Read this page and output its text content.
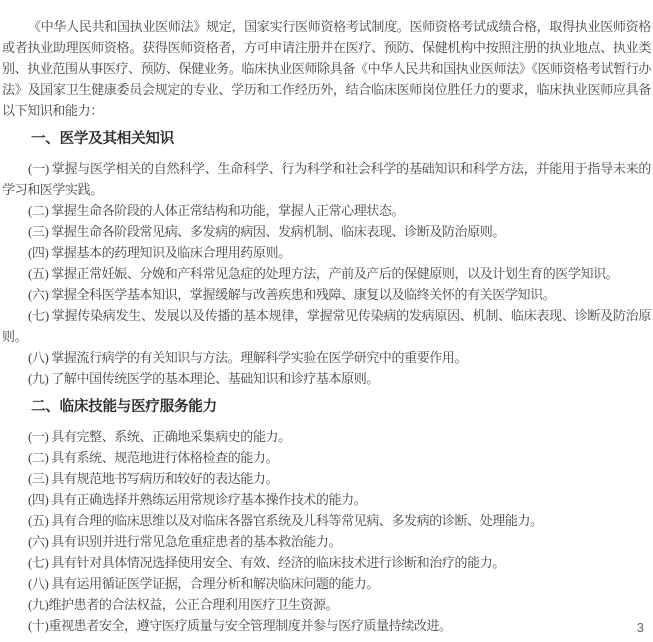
《中华人民共和国执业医师法》规定，国家实行医师资格考试制度。医师资格考试成绩合格，取得执业医师资格或者执业助理医师资格。获得医师资格者，方可申请注册并在医疗、预防、保健机构中按照注册的执业地点、执业类别、执业范围从事医疗、预防、保健业务。临床执业医师除具备《中华人民共和国执业医师法》《医师资格考试暂行办法》及国家卫生健康委员会规定的专业、学历和工作经历外，结合临床医师岗位胜任力的要求，临床执业医师应具备以下知识和能力：

一、医学及其相关知识

(一) 掌握与医学相关的自然科学、生命科学、行为科学和社会科学的基础知识和科学方法，并能用于指导未来的学习和医学实践。

(二) 掌握生命各阶段的人体正常结构和功能，掌握人正常心理状态。

(三) 掌握生命各阶段常见病、多发病的病因、发病机制、临床表现、诊断及防治原则。

(四) 掌握基本的药理知识及临床合理用药原则。

(五) 掌握正常妊娠、分娩和产科常见急症的处理方法，产前及产后的保健原则，以及计划生育的医学知识。

(六) 掌握全科医学基本知识，掌握缓解与改善疾患和残障、康复以及临终关怀的有关医学知识。

(七) 掌握传染病发生、发展以及传播的基本规律，掌握常见传染病的发病原因、机制、临床表现、诊断及防治原则。

(八) 掌握流行病学的有关知识与方法。理解科学实验在医学研究中的重要作用。

(九) 了解中国传统医学的基本理论、基础知识和诊疗基本原则。

二、临床技能与医疗服务能力

(一) 具有完整、系统、正确地采集病史的能力。

(二) 具有系统、规范地进行体格检查的能力。

(三) 具有规范地书写病历和较好的表达能力。

(四) 具有正确选择并熟练运用常规诊疗基本操作技术的能力。

(五) 具有合理的临床思维以及对临床各器官系统及儿科等常见病、多发病的诊断、处理能力。

(六) 具有识别并进行常见急危重症患者的基本救治能力。

(七) 具有针对具体情况选择使用安全、有效、经济的临床技术进行诊断和治疗的能力。

(八) 具有运用循证医学证据，合理分析和解决临床问题的能力。

(九)维护患者的合法权益，公正合理利用医疗卫生资源。

(十)重视患者安全，遵守医疗质量与安全管理制度并参与医疗质量持续改进。	3
